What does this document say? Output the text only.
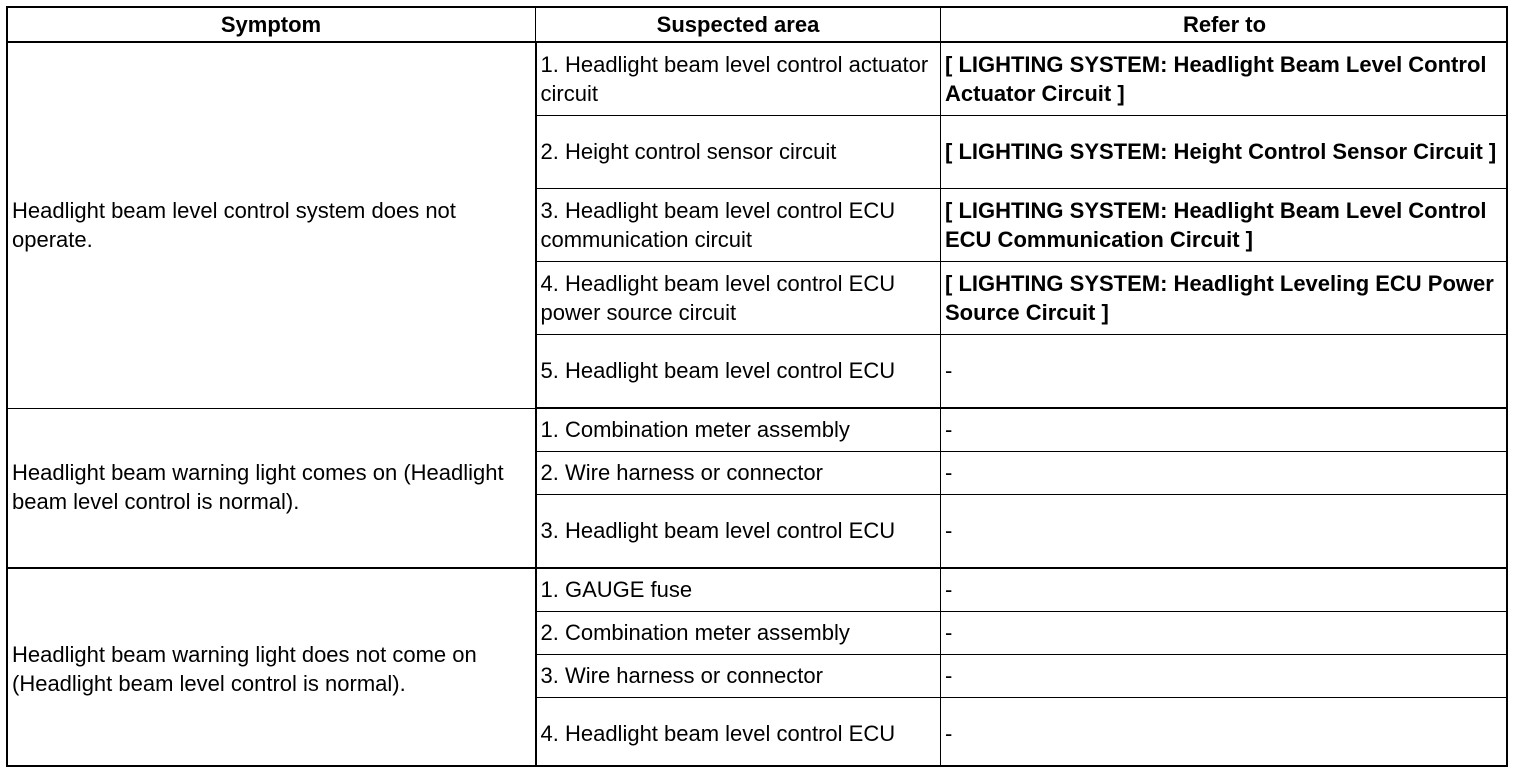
Symptom	Suspected area	Refer to
Headlight beam level control system does not operate.	1. Headlight beam level control actuator circuit	[ LIGHTING SYSTEM: Headlight Beam Level Control Actuator Circuit ]
	2. Height control sensor circuit	[ LIGHTING SYSTEM: Height Control Sensor Circuit ]
	3. Headlight beam level control ECU communication circuit	[ LIGHTING SYSTEM: Headlight Beam Level Control ECU Communication Circuit ]
	4. Headlight beam level control ECU power source circuit	[ LIGHTING SYSTEM: Headlight Leveling ECU Power Source Circuit ]
	5. Headlight beam level control ECU	-
Headlight beam warning light comes on (Headlight beam level control is normal).	1. Combination meter assembly	-
	2. Wire harness or connector	-
	3. Headlight beam level control ECU	-
Headlight beam warning light does not come on (Headlight beam level control is normal).	1. GAUGE fuse	-
	2. Combination meter assembly	-
	3. Wire harness or connector	-
	4. Headlight beam level control ECU	-
